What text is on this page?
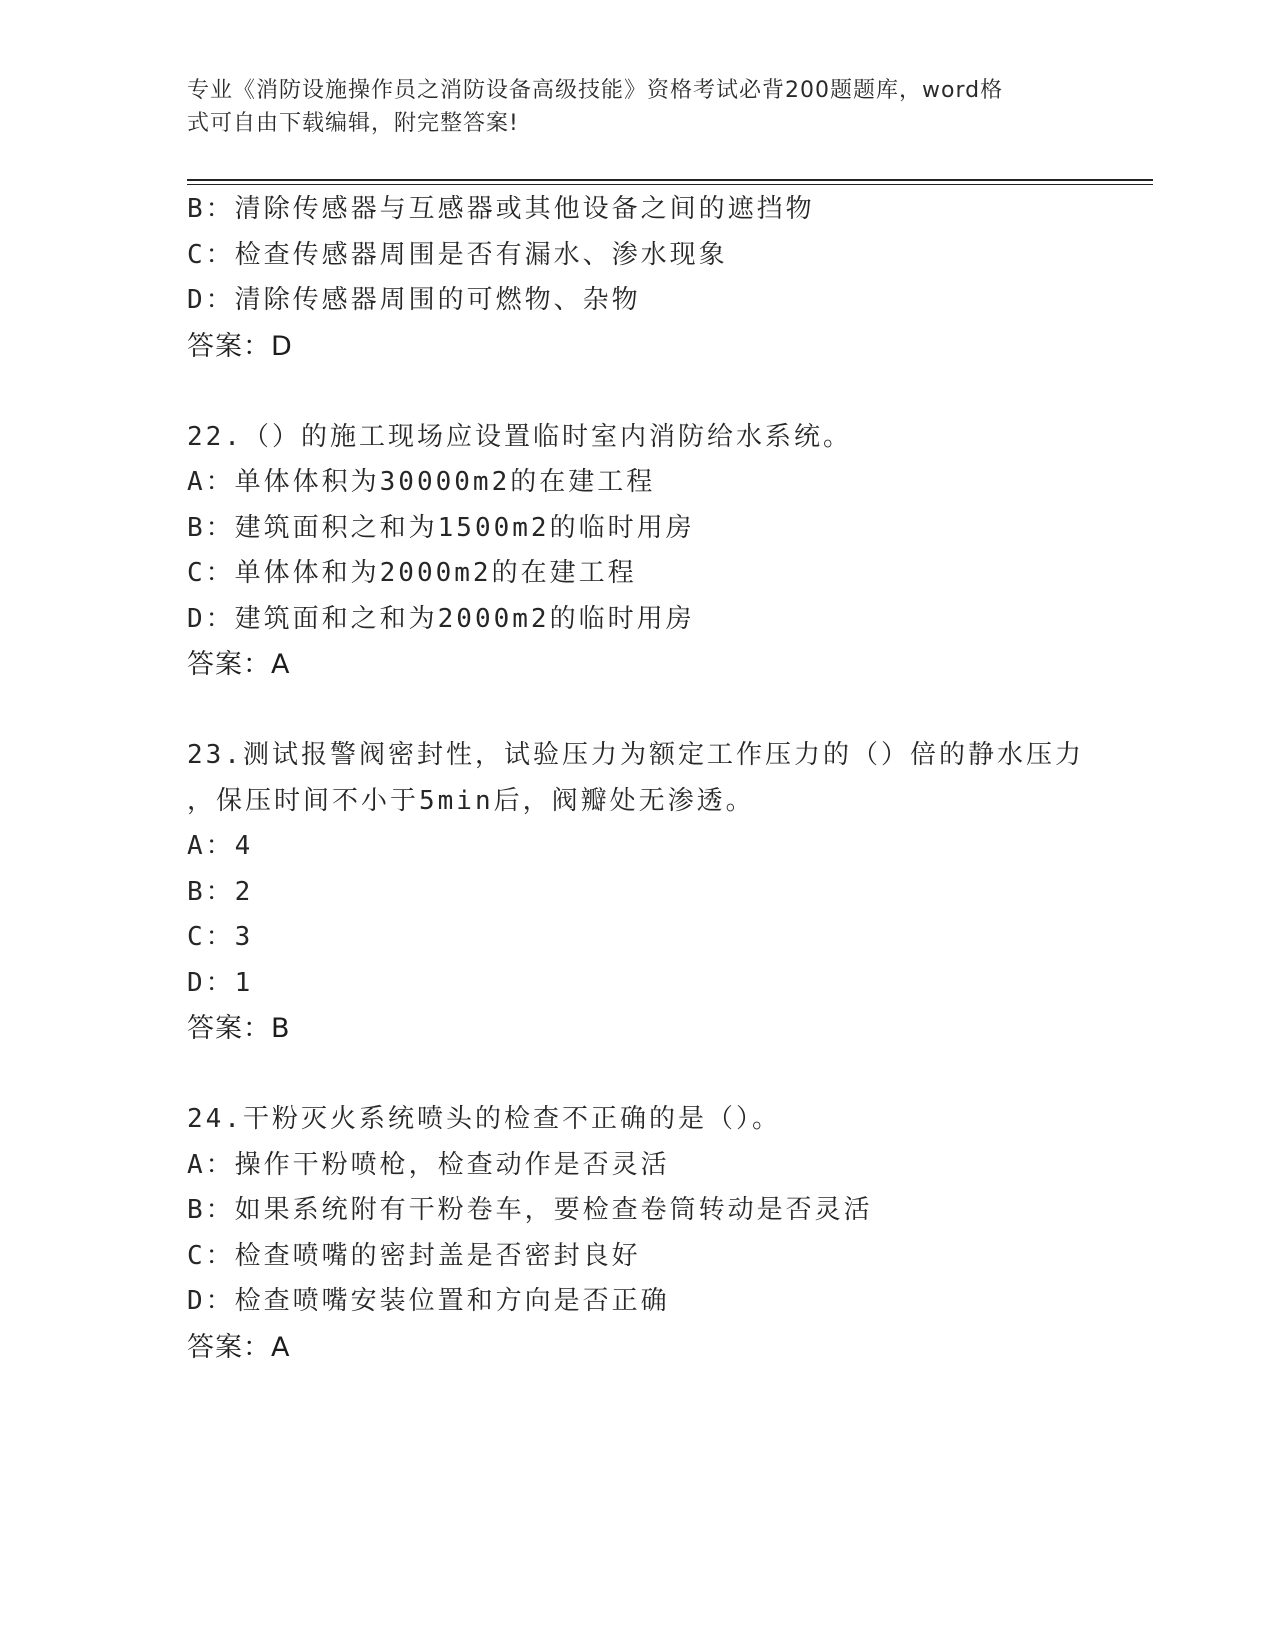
专业《消防设施操作员之消防设备高级技能》资格考试必背200题题库，word格
式可自由下载编辑，附完整答案!
B：清除传感器与互感器或其他设备之间的遮挡物
C：检查传感器周围是否有漏水、渗水现象
D：清除传感器周围的可燃物、杂物
答案：D
22.（）的施工现场应设置临时室内消防给水系统。
A：单体体积为30000m2的在建工程
B：建筑面积之和为1500m2的临时用房
C：单体体和为2000m2的在建工程
D：建筑面和之和为2000m2的临时用房
答案：A
23.测试报警阀密封性，试验压力为额定工作压力的（）倍的静水压力
，保压时间不小于5min后，阀瓣处无渗透。
A：4
B：2
C：3
D：1
答案：B
24.干粉灭火系统喷头的检查不正确的是（）。
A：操作干粉喷枪，检查动作是否灵活
B：如果系统附有干粉卷车，要检查卷筒转动是否灵活
C：检查喷嘴的密封盖是否密封良好
D：检查喷嘴安装位置和方向是否正确
答案：A
